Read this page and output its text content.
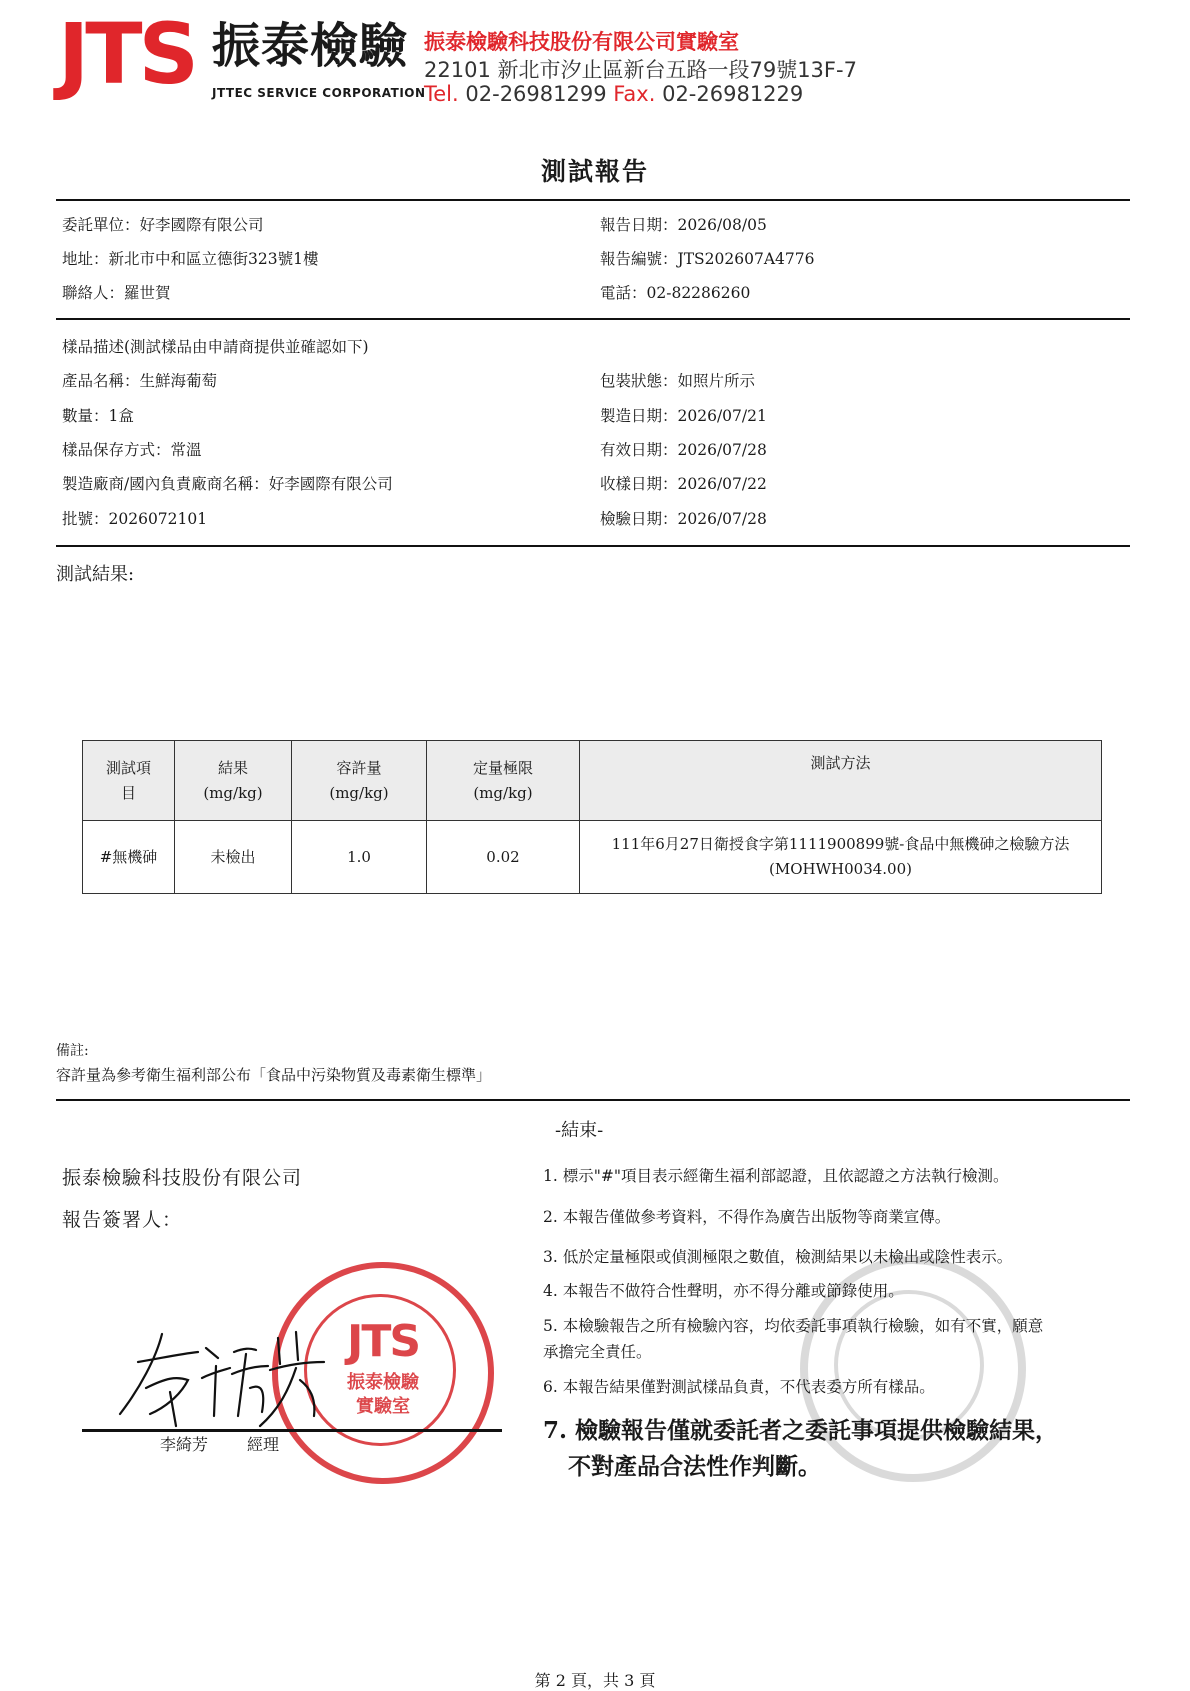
JTS 振泰檢驗
JTTEC SERVICE CORPORATION
振泰檢驗科技股份有限公司實驗室
22101 新北市汐止區新台五路一段79號13F-7
Tel. 02-26981299 Fax. 02-26981229
測試報告
委託單位：好李國際有限公司
地址：新北市中和區立德街323號1樓
聯絡人：羅世賀
報告日期：2026/08/05
報告編號：JTS202607A4776
電話：02-82286260
樣品描述(測試樣品由申請商提供並確認如下)
產品名稱：生鮮海葡萄
數量：1盒
樣品保存方式：常溫
製造廠商/國內負責廠商名稱：好李國際有限公司
批號：2026072101
包裝狀態：如照片所示
製造日期：2026/07/21
有效日期：2026/07/28
收樣日期：2026/07/22
檢驗日期：2026/07/28
測試結果:
測試項目	結果(mg/kg)	容許量(mg/kg)	定量極限(mg/kg)	測試方法
#無機砷	未檢出	1.0	0.02	111年6月27日衛授食字第1111900899號-食品中無機砷之檢驗方法(MOHWH0034.00)
備註:
容許量為參考衛生福利部公布「食品中污染物質及毒素衛生標準」
-結束-
振泰檢驗科技股份有限公司
報告簽署人：
JTS
振泰檢驗
實驗室
李綺芳 經理
1. 標示"#"項目表示經衛生福利部認證，且依認證之方法執行檢測。
2. 本報告僅做參考資料，不得作為廣告出版物等商業宣傳。
3. 低於定量極限或偵測極限之數值，檢測結果以未檢出或陰性表示。
4. 本報告不做符合性聲明，亦不得分離或節錄使用。
5. 本檢驗報告之所有檢驗內容，均依委託事項執行檢驗，如有不實，願意
承擔完全責任。
6. 本報告結果僅對測試樣品負責，不代表委方所有樣品。
7. 檢驗報告僅就委託者之委託事項提供檢驗結果，
不對產品合法性作判斷。
第 2 頁，共 3 頁
